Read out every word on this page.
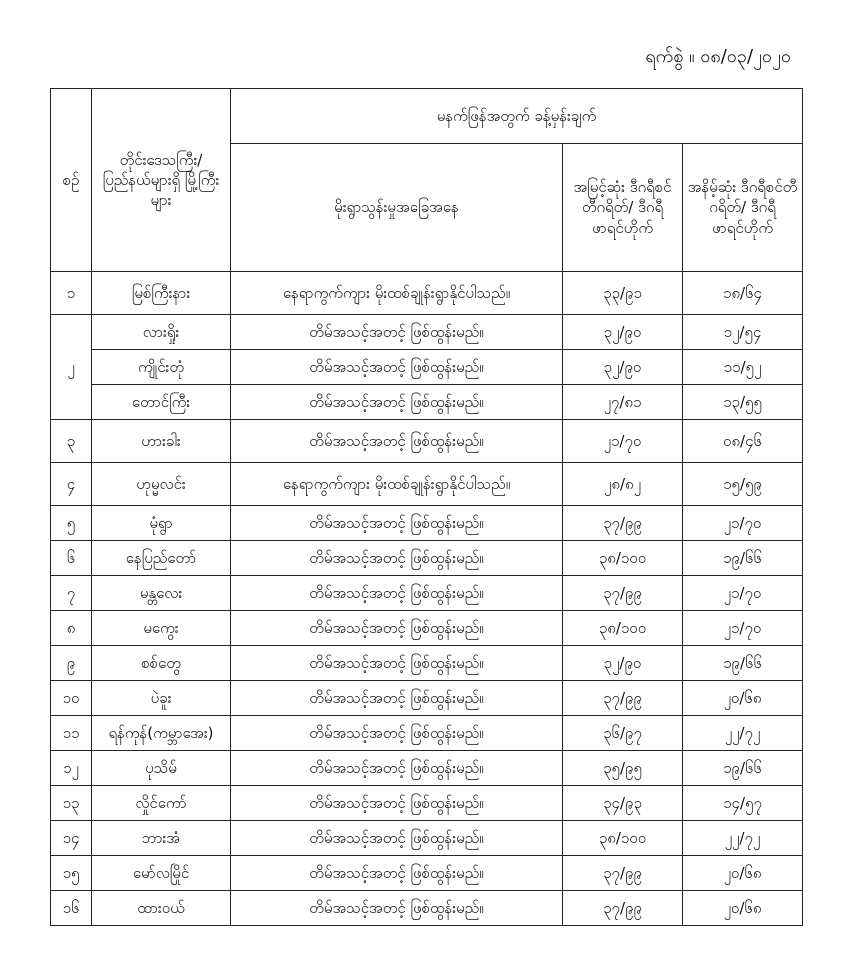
ရက်စွဲ ။ ၀၈/၀၃/၂၀၂၀
စဉ်	တိုင်းဒေသကြီး/ ပြည်နယ်များရှိ မြို့ကြီးများ	မနက်ဖြန်အတွက် ခန့်မှန်းချက်		
		မိုးရွာသွန်းမှုအခြေအနေ	အမြင့်ဆုံး ဒီဂရီစင်တီဂရိတ်/ ဒီဂရီဖာရင်ဟိုက်	အနိမ့်ဆုံး ဒီဂရီစင်တီဂရိတ်/ ဒီဂရီဖာရင်ဟိုက်
၁	မြစ်ကြီးနား	နေရာကွက်ကျား မိုးထစ်ချုန်းရွာနိုင်ပါသည်။	၃၃/၉၁	၁၈/၆၄
၂	လားရှိုး	တိမ်အသင့်အတင့် ဖြစ်ထွန်းမည်။	၃၂/၉၀	၁၂/၅၄
	ကျိုင်းတုံ	တိမ်အသင့်အတင့် ဖြစ်ထွန်းမည်။	၃၂/၉၀	၁၁/၅၂
	တောင်ကြီး	တိမ်အသင့်အတင့် ဖြစ်ထွန်းမည်။	၂၇/၈၁	၁၃/၅၅
၃	ဟားခါး	တိမ်အသင့်အတင့် ဖြစ်ထွန်းမည်။	၂၁/၇၀	၀၈/၄၆
၄	ဟုမ္မလင်း	နေရာကွက်ကျား မိုးထစ်ချုန်းရွာနိုင်ပါသည်။	၂၈/၈၂	၁၅/၅၉
၅	မုံရွာ	တိမ်အသင့်အတင့် ဖြစ်ထွန်းမည်။	၃၇/၉၉	၂၁/၇၀
၆	နေပြည်တော်	တိမ်အသင့်အတင့် ဖြစ်ထွန်းမည်။	၃၈/၁၀၀	၁၉/၆၆
၇	မန္တလေး	တိမ်အသင့်အတင့် ဖြစ်ထွန်းမည်။	၃၇/၉၉	၂၁/၇၀
၈	မကွေး	တိမ်အသင့်အတင့် ဖြစ်ထွန်းမည်။	၃၈/၁၀၀	၂၁/၇၀
၉	စစ်တွေ	တိမ်အသင့်အတင့် ဖြစ်ထွန်းမည်။	၃၂/၉၀	၁၉/၆၆
၁၀	ပဲခူး	တိမ်အသင့်အတင့် ဖြစ်ထွန်းမည်။	၃၇/၉၉	၂၀/၆၈
၁၁	ရန်ကုန်(ကမ္ဘာအေး)	တိမ်အသင့်အတင့် ဖြစ်ထွန်းမည်။	၃၆/၉၇	၂၂/၇၂
၁၂	ပုသိမ်	တိမ်အသင့်အတင့် ဖြစ်ထွန်းမည်။	၃၅/၉၅	၁၉/၆၆
၁၃	လှိုင်ကော်	တိမ်အသင့်အတင့် ဖြစ်ထွန်းမည်။	၃၄/၉၃	၁၄/၅၇
၁၄	ဘားအံ	တိမ်အသင့်အတင့် ဖြစ်ထွန်းမည်။	၃၈/၁၀၀	၂၂/၇၂
၁၅	မော်လမြိုင်	တိမ်အသင့်အတင့် ဖြစ်ထွန်းမည်။	၃၇/၉၉	၂၀/၆၈
၁၆	ထားဝယ်	တိမ်အသင့်အတင့် ဖြစ်ထွန်းမည်။	၃၇/၉၉	၂၀/၆၈
